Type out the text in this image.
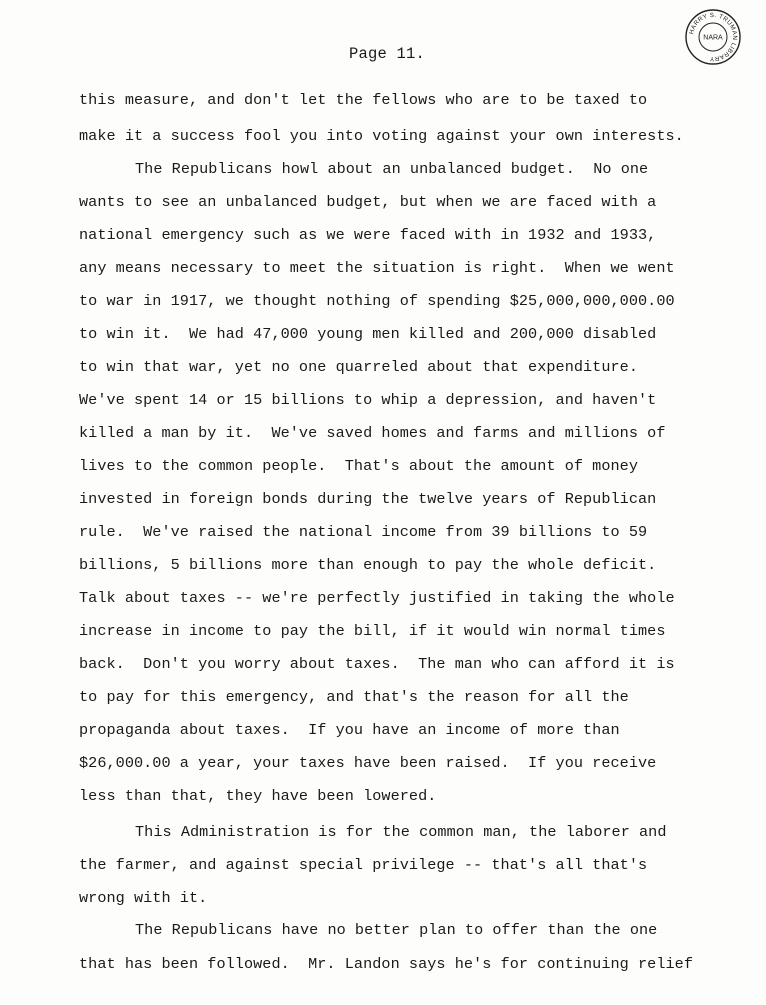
HARRY S. TRUMAN LIBRARY
NARA
Page 11.
this measure, and don't let the fellows who are to be taxed to
make it a success fool you into voting against your own interests.
The Republicans howl about an unbalanced budget.  No one
wants to see an unbalanced budget, but when we are faced with a
national emergency such as we were faced with in 1932 and 1933,
any means necessary to meet the situation is right.  When we went
to war in 1917, we thought nothing of spending $25,000,000,000.00
to win it.  We had 47,000 young men killed and 200,000 disabled
to win that war, yet no one quarreled about that expenditure.
We've spent 14 or 15 billions to whip a depression, and haven't
killed a man by it.  We've saved homes and farms and millions of
lives to the common people.  That's about the amount of money
invested in foreign bonds during the twelve years of Republican
rule.  We've raised the national income from 39 billions to 59
billions, 5 billions more than enough to pay the whole deficit.
Talk about taxes -- we're perfectly justified in taking the whole
increase in income to pay the bill, if it would win normal times
back.  Don't you worry about taxes.  The man who can afford it is
to pay for this emergency, and that's the reason for all the
propaganda about taxes.  If you have an income of more than
$26,000.00 a year, your taxes have been raised.  If you receive
less than that, they have been lowered.
This Administration is for the common man, the laborer and
the farmer, and against special privilege -- that's all that's
wrong with it.
The Republicans have no better plan to offer than the one
that has been followed.  Mr. Landon says he's for continuing relief
